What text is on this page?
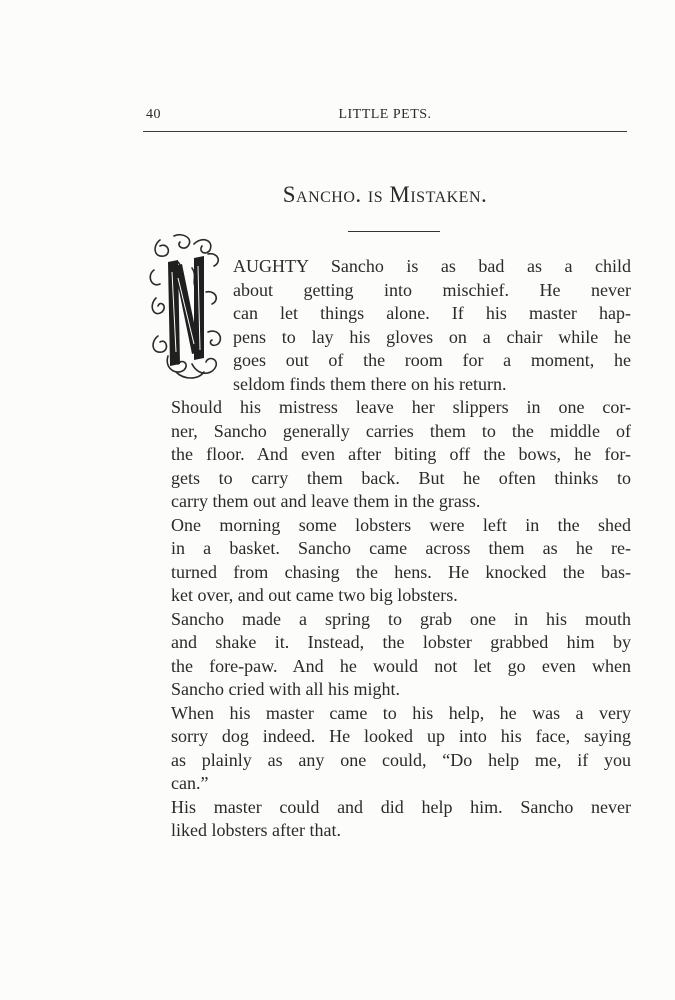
40	LITTLE PETS.
Sancho. is Mistaken.
AUGHTY Sancho is as bad as a child
about getting into mischief. He never
can let things alone. If his master hap-
pens to lay his gloves on a chair while he
goes out of the room for a moment, he
seldom finds them there on his return.
Should his mistress leave her slippers in one cor-
ner, Sancho generally carries them to the middle of
the floor. And even after biting off the bows, he for-
gets to carry them back. But he often thinks to
carry them out and leave them in the grass.
One morning some lobsters were left in the shed
in a basket. Sancho came across them as he re-
turned from chasing the hens. He knocked the bas-
ket over, and out came two big lobsters.
Sancho made a spring to grab one in his mouth
and shake it. Instead, the lobster grabbed him by
the fore-paw. And he would not let go even when
Sancho cried with all his might.
When his master came to his help, he was a very
sorry dog indeed. He looked up into his face, saying
as plainly as any one could, “Do help me, if you
can.”
His master could and did help him. Sancho never
liked lobsters after that.
